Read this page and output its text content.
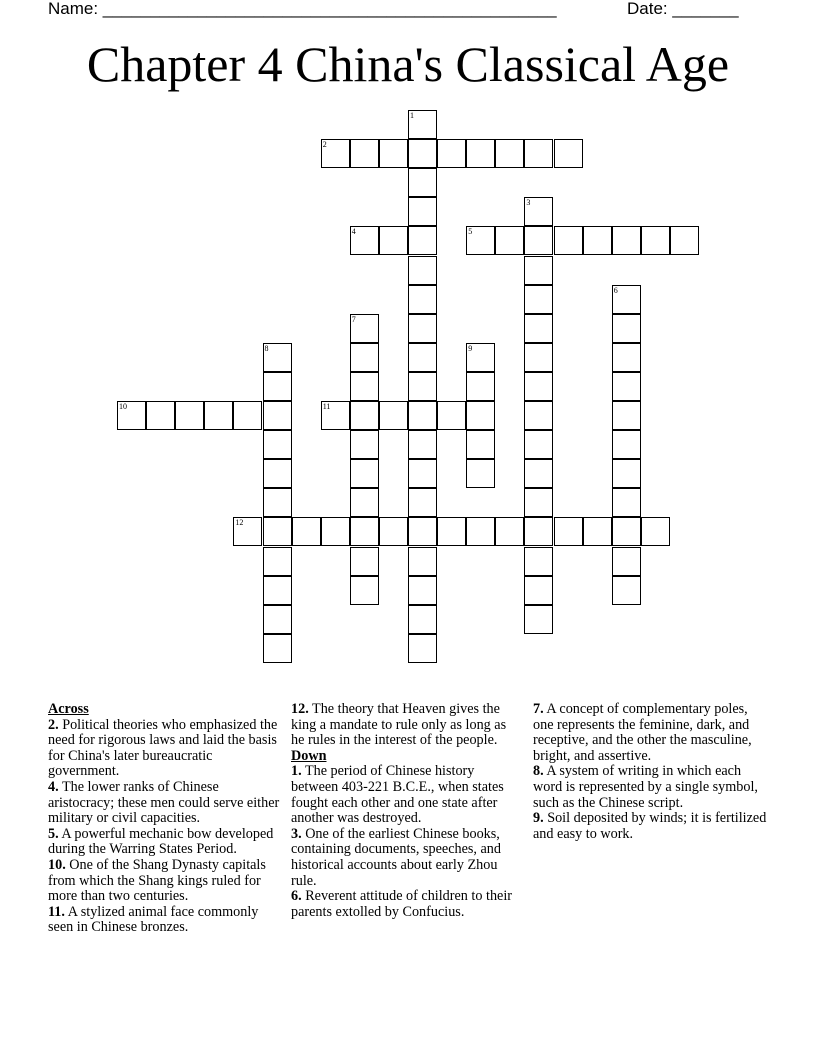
Name: ________________________________________________	Date: _______
Chapter 4 China's Classical Age
1
2
3
4	5
6
7
8	9
10	11
12
Across
2. Political theories who emphasized the need for rigorous laws and laid the basis for China's later bureaucratic government.
4. The lower ranks of Chinese aristocracy; these men could serve either military or civil capacities.
5. A powerful mechanic bow developed during the Warring States Period.
10. One of the Shang Dynasty capitals from which the Shang kings ruled for more than two centuries.
11. A stylized animal face commonly seen in Chinese bronzes.
12. The theory that Heaven gives the king a mandate to rule only as long as he rules in the interest of the people.
Down
1. The period of Chinese history between 403-221 B.C.E., when states fought each other and one state after another was destroyed.
3. One of the earliest Chinese books, containing documents, speeches, and historical accounts about early Zhou rule.
6. Reverent attitude of children to their parents extolled by Confucius.
7. A concept of complementary poles, one represents the feminine, dark, and receptive, and the other the masculine, bright, and assertive.
8. A system of writing in which each word is represented by a single symbol, such as the Chinese script.
9. Soil deposited by winds; it is fertilized and easy to work.
